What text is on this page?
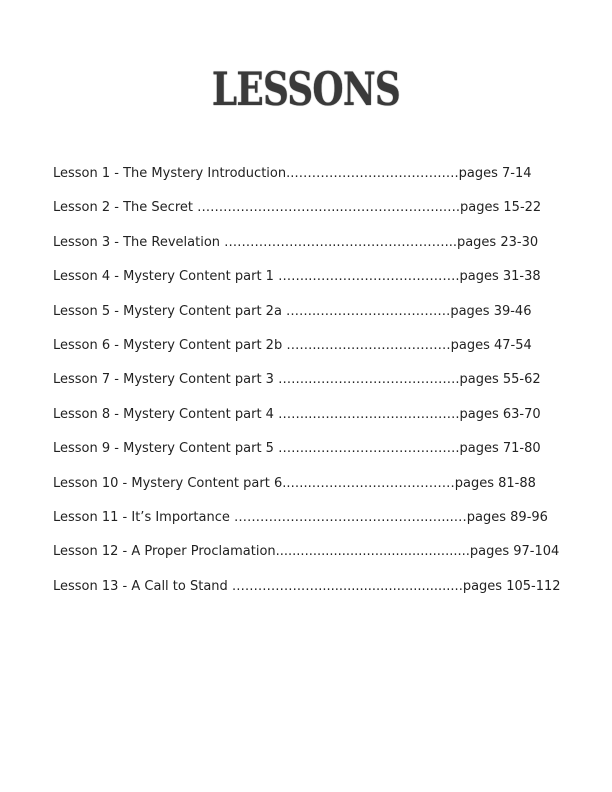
LESSONS
Lesson 1 - The Mystery Introduction..…………………………….….pages 7-14
Lesson 2 - The Secret ……………………….…...…………………..….pages 15-22
Lesson 3 - The Revelation ……………………...……………………...pages 23-30
Lesson 4 - Mystery Content part 1 ……..…………………………….pages 31-38
Lesson 5 - Mystery Content part 2a ……..…………………………pages 39-46
Lesson 6 - Mystery Content part 2b ……..…………………………pages 47-54
Lesson 7 - Mystery Content part 3 ……..…………………………….pages 55-62
Lesson 8 - Mystery Content part 4 ……..…………………………….pages 63-70
Lesson 9 - Mystery Content part 5 ……..…………………………….pages 71-80
Lesson 10 - Mystery Content part 6..…..……………………………pages 81-88
Lesson 11 - It’s Importance ……………………….……………..…...…pages 89-96
Lesson 12 - A Proper Proclamation...............................................pages 97-104
Lesson 13 - A Call to Stand ……………..…...................................pages 105-112
